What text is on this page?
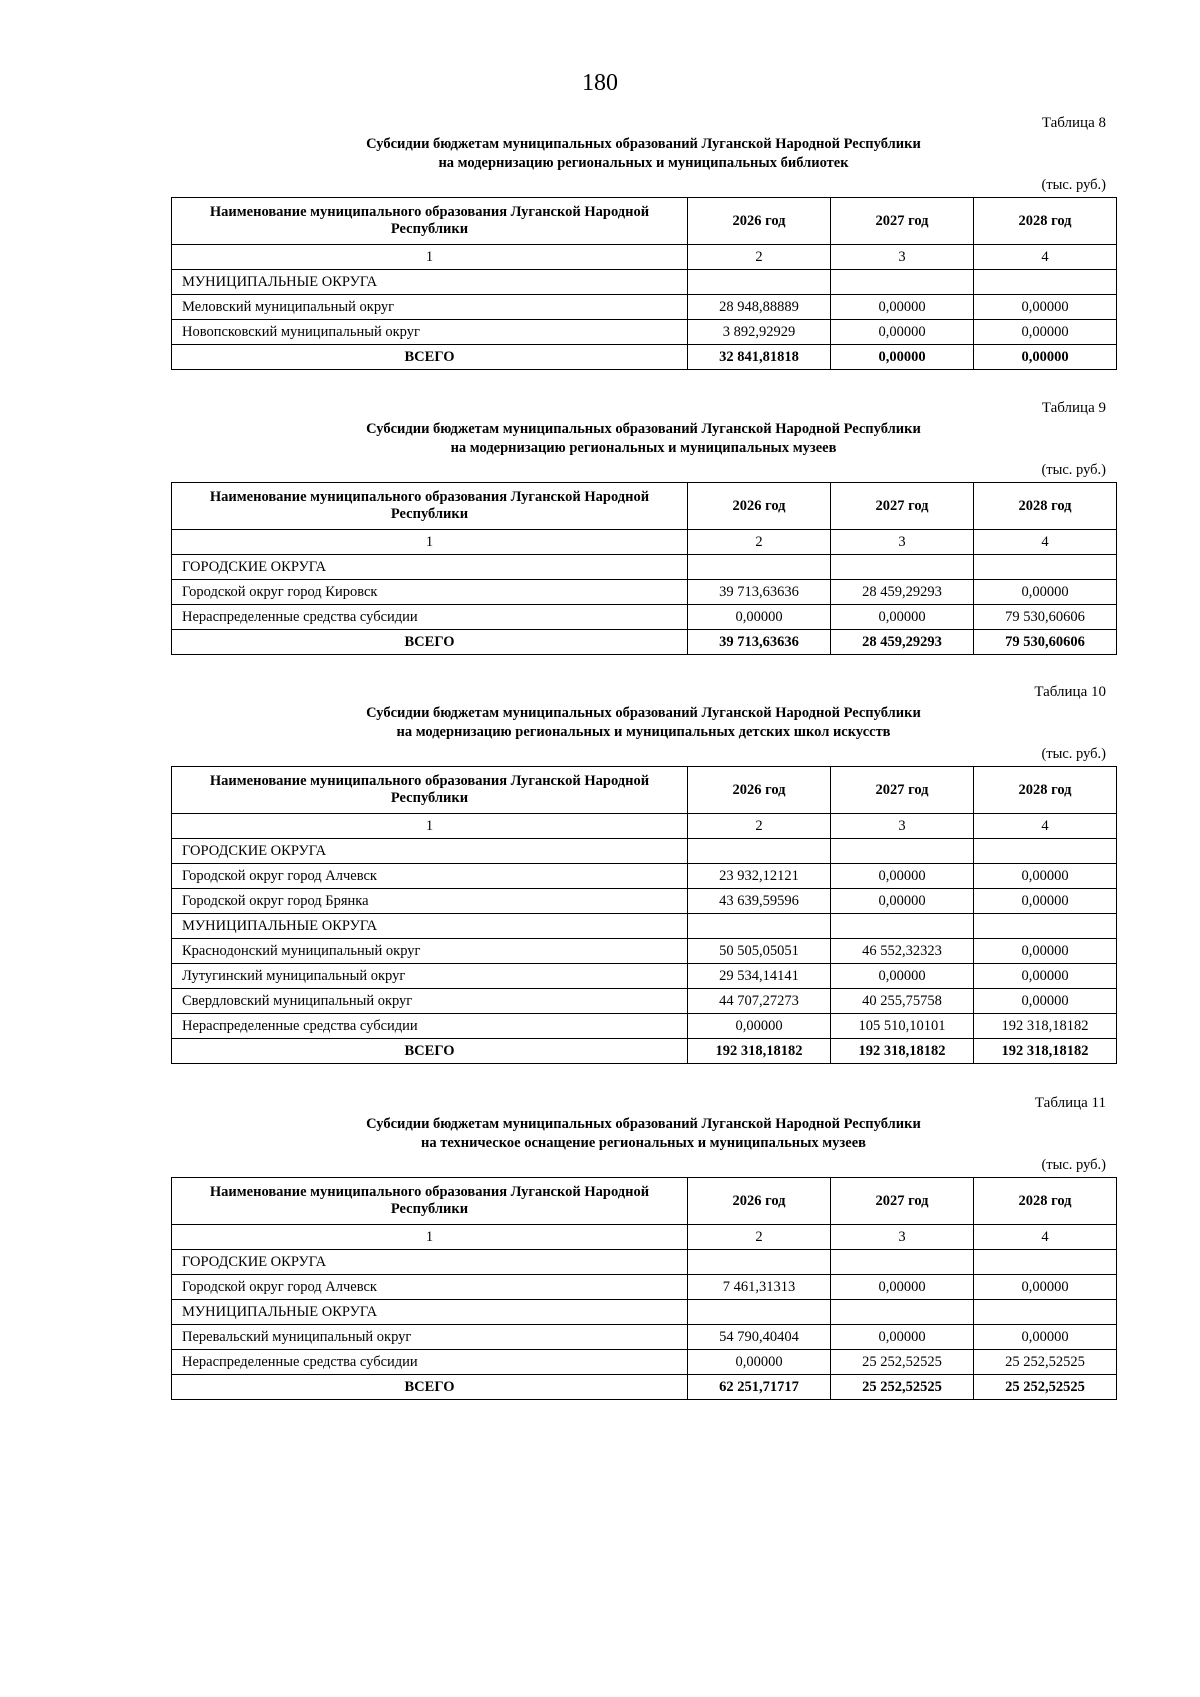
180
Таблица 8
Субсидии бюджетам муниципальных образований Луганской Народной Республики
на модернизацию региональных и муниципальных библиотек
(тыс. руб.)
Наименование муниципального образования Луганской Народной Республики	2026 год	2027 год	2028 год
1	2	3	4
МУНИЦИПАЛЬНЫЕ ОКРУГА			
Меловский муниципальный округ	28 948,88889	0,00000	0,00000
Новопсковский муниципальный округ	3 892,92929	0,00000	0,00000
ВСЕГО	32 841,81818	0,00000	0,00000
Таблица 9
Субсидии бюджетам муниципальных образований Луганской Народной Республики
на модернизацию региональных и муниципальных музеев
(тыс. руб.)
Наименование муниципального образования Луганской Народной Республики	2026 год	2027 год	2028 год
1	2	3	4
ГОРОДСКИЕ ОКРУГА			
Городской округ город Кировск	39 713,63636	28 459,29293	0,00000
Нераспределенные средства субсидии	0,00000	0,00000	79 530,60606
ВСЕГО	39 713,63636	28 459,29293	79 530,60606
Таблица 10
Субсидии бюджетам муниципальных образований Луганской Народной Республики
на модернизацию региональных и муниципальных детских школ искусств
(тыс. руб.)
Наименование муниципального образования Луганской Народной Республики	2026 год	2027 год	2028 год
1	2	3	4
ГОРОДСКИЕ ОКРУГА			
Городской округ город Алчевск	23 932,12121	0,00000	0,00000
Городской округ город Брянка	43 639,59596	0,00000	0,00000
МУНИЦИПАЛЬНЫЕ ОКРУГА			
Краснодонский муниципальный округ	50 505,05051	46 552,32323	0,00000
Лутугинский муниципальный округ	29 534,14141	0,00000	0,00000
Свердловский муниципальный округ	44 707,27273	40 255,75758	0,00000
Нераспределенные средства субсидии	0,00000	105 510,10101	192 318,18182
ВСЕГО	192 318,18182	192 318,18182	192 318,18182
Таблица 11
Субсидии бюджетам муниципальных образований Луганской Народной Республики
на техническое оснащение региональных и муниципальных музеев
(тыс. руб.)
Наименование муниципального образования Луганской Народной Республики	2026 год	2027 год	2028 год
1	2	3	4
ГОРОДСКИЕ ОКРУГА			
Городской округ город Алчевск	7 461,31313	0,00000	0,00000
МУНИЦИПАЛЬНЫЕ ОКРУГА			
Перевальский муниципальный округ	54 790,40404	0,00000	0,00000
Нераспределенные средства субсидии	0,00000	25 252,52525	25 252,52525
ВСЕГО	62 251,71717	25 252,52525	25 252,52525
